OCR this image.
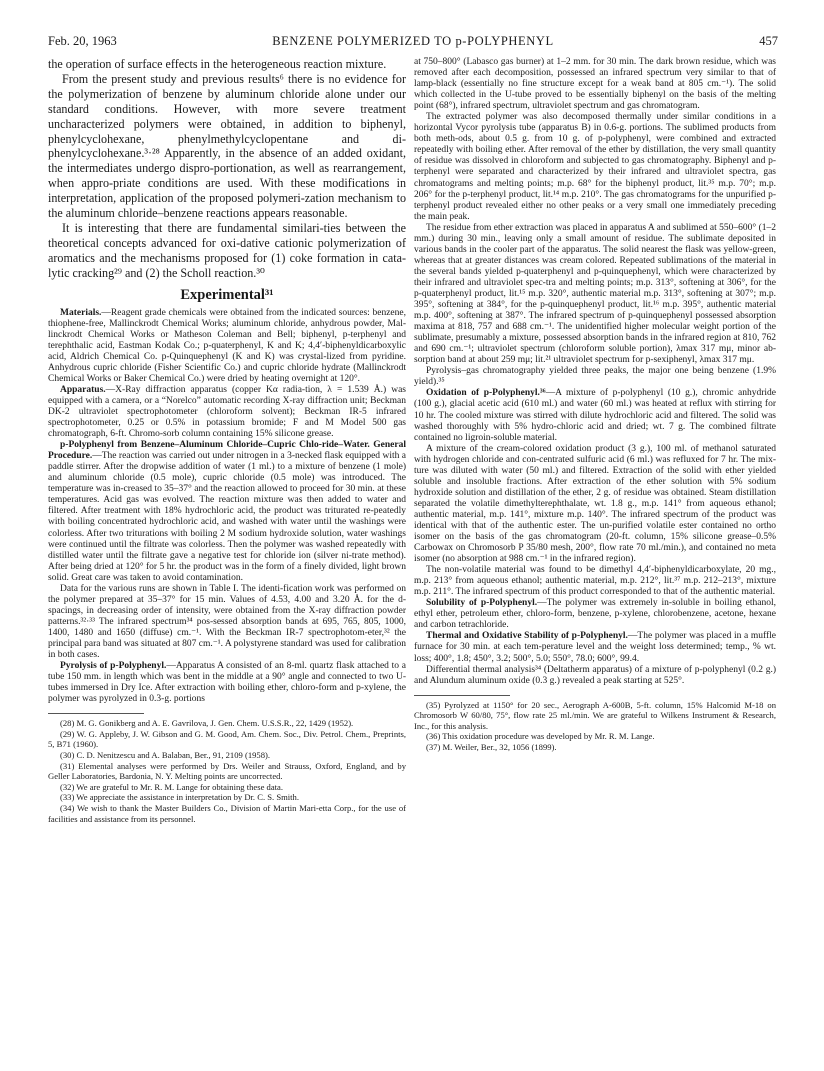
Feb. 20, 1963	BENZENE POLYMERIZED TO p-POLYPHENYL	457

the operation of surface effects in the heterogeneous reaction mixture.

From the present study and previous results⁶ there is no evidence for the polymerization of benzene by aluminum chloride alone under our standard conditions. However, with more severe treatment uncharacterized polymers were obtained, in addition to biphenyl, phenylcyclohexane, phenylmethylcyclopentane and di-phenylcyclohexane.³·²⁸ Apparently, in the absence of an added oxidant, the intermediates undergo dispro-portionation, as well as rearrangement, when appro-priate conditions are used. With these modifications in interpretation, application of the proposed polymeri-zation mechanism to the aluminum chloride–benzene reactions appears reasonable.

It is interesting that there are fundamental similari-ties between the theoretical concepts advanced for oxi-dative cationic polymerization of aromatics and the mechanisms proposed for (1) coke formation in cata-lytic cracking²⁹ and (2) the Scholl reaction.³⁰

Experimental³¹

Materials.—Reagent grade chemicals were obtained from the indicated sources: benzene, thiophene-free, Mallinckrodt Chemical Works; aluminum chloride, anhydrous powder, Mal-linckrodt Chemical Works or Matheson Coleman and Bell; biphenyl, p-terphenyl and terephthalic acid, Eastman Kodak Co.; p-quaterphenyl, K and K; 4,4′-biphenyldicarboxylic acid, Aldrich Chemical Co. p-Quinquephenyl (K and K) was crystal-lized from pyridine. Anhydrous cupric chloride (Fisher Scientific Co.) and cupric chloride hydrate (Mallinckrodt Chemical Works or Baker Chemical Co.) were dried by heating overnight at 120°.

Apparatus.—X-Ray diffraction apparatus (copper Kα radia-tion, λ = 1.539 Å.) was equipped with a camera, or a “Norelco” automatic recording X-ray diffraction unit; Beckman DK-2 ultraviolet spectrophotometer (chloroform solvent); Beckman IR-5 infrared spectrophotometer, 0.25 or 0.5% in potassium bromide; F and M Model 500 gas chromatograph, 6-ft. Chromo-sorb column containing 15% silicone grease.

p-Polyphenyl from Benzene–Aluminum Chloride–Cupric Chlo-ride–Water. General Procedure.—The reaction was carried out under nitrogen in a 3-necked flask equipped with a paddle stirrer. After the dropwise addition of water (1 ml.) to a mixture of benzene (1 mole) and aluminum chloride (0.5 mole), cupric chloride (0.5 mole) was introduced. The temperature was in-creased to 35–37° and the reaction allowed to proceed for 30 min. at these temperatures. Acid gas was evolved. The reaction mixture was then added to water and filtered. After treatment with 18% hydrochloric acid, the product was triturated re-peatedly with boiling concentrated hydrochloric acid, and washed with water until the washings were colorless. After two triturations with boiling 2 M sodium hydroxide solution, water washings were continued until the filtrate was colorless. Then the polymer was washed repeatedly with distilled water until the filtrate gave a negative test for chloride ion (silver ni-trate method). After being dried at 120° for 5 hr. the product was in the form of a finely divided, light brown solid. Great care was taken to avoid contamination.

Data for the various runs are shown in Table I. The identi-fication work was performed on the polymer prepared at 35–37° for 15 min. Values of 4.53, 4.00 and 3.20 Å. for the d-spacings, in decreasing order of intensity, were obtained from the X-ray diffraction powder patterns.³²·³³ The infrared spectrum³⁴ pos-sessed absorption bands at 695, 765, 805, 1000, 1400, 1480 and 1650 (diffuse) cm.⁻¹. With the Beckman IR-7 spectrophotom-eter,³² the principal para band was situated at 807 cm.⁻¹. A polystyrene standard was used for calibration in both cases.

Pyrolysis of p-Polyphenyl.—Apparatus A consisted of an 8-ml. quartz flask attached to a tube 150 mm. in length which was bent in the middle at a 90° angle and connected to two U-tubes immersed in Dry Ice. After extraction with boiling ether, chloro-form and p-xylene, the polymer was pyrolyzed in 0.3-g. portions

(28) M. G. Gonikberg and A. E. Gavrilova, J. Gen. Chem. U.S.S.R., 22, 1429 (1952).

(29) W. G. Appleby, J. W. Gibson and G. M. Good, Am. Chem. Soc., Div. Petrol. Chem., Preprints, 5, B71 (1960).

(30) C. D. Nenitzescu and A. Balaban, Ber., 91, 2109 (1958).

(31) Elemental analyses were performed by Drs. Weiler and Strauss, Oxford, England, and by Geller Laboratories, Bardonia, N. Y. Melting points are uncorrected.

(32) We are grateful to Mr. R. M. Lange for obtaining these data.

(33) We appreciate the assistance in interpretation by Dr. C. S. Smith.

(34) We wish to thank the Master Builders Co., Division of Martin Mari-etta Corp., for the use of facilities and assistance from its personnel.

at 750–800° (Labasco gas burner) at 1–2 mm. for 30 min. The dark brown residue, which was removed after each decomposition, possessed an infrared spectrum very similar to that of lamp-black (essentially no fine structure except for a weak band at 805 cm.⁻¹). The solid which collected in the U-tube proved to be essentially biphenyl on the basis of the melting point (68°), infrared spectrum, ultraviolet spectrum and gas chromatogram.

The extracted polymer was also decomposed thermally under similar conditions in a horizontal Vycor pyrolysis tube (apparatus B) in 0.6-g. portions. The sublimed products from both meth-ods, about 0.5 g. from 10 g. of p-polyphenyl, were combined and extracted repeatedly with boiling ether. After removal of the ether by distillation, the very small quantity of residue was dissolved in chloroform and subjected to gas chromatography. Biphenyl and p-terphenyl were separated and characterized by their infrared and ultraviolet spectra, gas chromatograms and melting points; m.p. 68° for the biphenyl product, lit.³⁵ m.p. 70°; m.p. 206° for the p-terphenyl product, lit.¹⁴ m.p. 210°. The gas chromatograms for the unpurified p-terphenyl product revealed either no other peaks or a very small one immediately preceding the main peak.

The residue from ether extraction was placed in apparatus A and sublimed at 550–600° (1–2 mm.) during 30 min., leaving only a small amount of residue. The sublimate deposited in various bands in the cooler part of the apparatus. The solid nearest the flask was yellow-green, whereas that at greater distances was cream colored. Repeated sublimations of the material in the several bands yielded p-quaterphenyl and p-quinquephenyl, which were characterized by their infrared and ultraviolet spec-tra and melting points; m.p. 313°, softening at 306°, for the p-quaterphenyl product, lit.¹⁵ m.p. 320°, authentic material m.p. 313°, softening at 307°; m.p. 395°, softening at 384°, for the p-quinquephenyl product, lit.¹⁶ m.p. 395°, authentic material m.p. 400°, softening at 387°. The infrared spectrum of p-quinquephenyl possessed absorption maxima at 818, 757 and 688 cm.⁻¹. The unidentified higher molecular weight portion of the sublimate, presumably a mixture, possessed absorption bands in the infrared region at 810, 762 and 690 cm.⁻¹; ultraviolet spectrum (chloroform soluble portion), λmax 317 mμ, minor ab-sorption band at about 259 mμ; lit.²¹ ultraviolet spectrum for p-sexiphenyl, λmax 317 mμ.

Pyrolysis–gas chromatography yielded three peaks, the major one being benzene (1.9% yield).³⁵

Oxidation of p-Polyphenyl.³⁶—A mixture of p-polyphenyl (10 g.), chromic anhydride (100 g.), glacial acetic acid (610 ml.) and water (60 ml.) was heated at reflux with stirring for 10 hr. The cooled mixture was stirred with dilute hydrochloric acid and filtered. The solid was washed thoroughly with 5% hydro-chloric acid and dried; wt. 7 g. The combined filtrate contained no ligroin-soluble material.

A mixture of the cream-colored oxidation product (3 g.), 100 ml. of methanol saturated with hydrogen chloride and con-centrated sulfuric acid (6 ml.) was refluxed for 7 hr. The mix-ture was diluted with water (50 ml.) and filtered. Extraction of the solid with ether yielded soluble and insoluble fractions. After extraction of the ether solution with 5% sodium hydroxide solution and distillation of the ether, 2 g. of residue was obtained. Steam distillation separated the volatile dimethylterephthalate, wt. 1.8 g., m.p. 141° from aqueous ethanol; authentic material, m.p. 141°, mixture m.p. 140°. The infrared spectrum of the product was identical with that of the authentic ester. The un-purified volatile ester contained no ortho isomer on the basis of the gas chromatogram (20-ft. column, 15% silicone grease–0.5% Carbowax on Chromosorb P 35/80 mesh, 200°, flow rate 70 ml./min.), and contained no meta isomer (no absorption at 988 cm.⁻¹ in the infrared region).

The non-volatile material was found to be dimethyl 4,4′-biphenyldicarboxylate, 20 mg., m.p. 213° from aqueous ethanol; authentic material, m.p. 212°, lit.³⁷ m.p. 212–213°, mixture m.p. 211°. The infrared spectrum of this product corresponded to that of the authentic material.

Solubility of p-Polyphenyl.—The polymer was extremely in-soluble in boiling ethanol, ethyl ether, petroleum ether, chloro-form, benzene, p-xylene, chlorobenzene, acetone, hexane and carbon tetrachloride.

Thermal and Oxidative Stability of p-Polyphenyl.—The polymer was placed in a muffle furnace for 30 min. at each tem-perature level and the weight loss determined; temp., % wt. loss; 400°, 1.8; 450°, 3.2; 500°, 5.0; 550°, 78.0; 600°, 99.4.

Differential thermal analysis³⁴ (Deltatherm apparatus) of a mixture of p-polyphenyl (0.2 g.) and Alundum aluminum oxide (0.3 g.) revealed a peak starting at 525°.

(35) Pyrolyzed at 1150° for 20 sec., Aerograph A-600B, 5-ft. column, 15% Halcomid M-18 on Chromosorb W 60/80, 75°, flow rate 25 ml./min. We are grateful to Wilkens Instrument & Research, Inc., for this analysis.

(36) This oxidation procedure was developed by Mr. R. M. Lange.

(37) M. Weiler, Ber., 32, 1056 (1899).
